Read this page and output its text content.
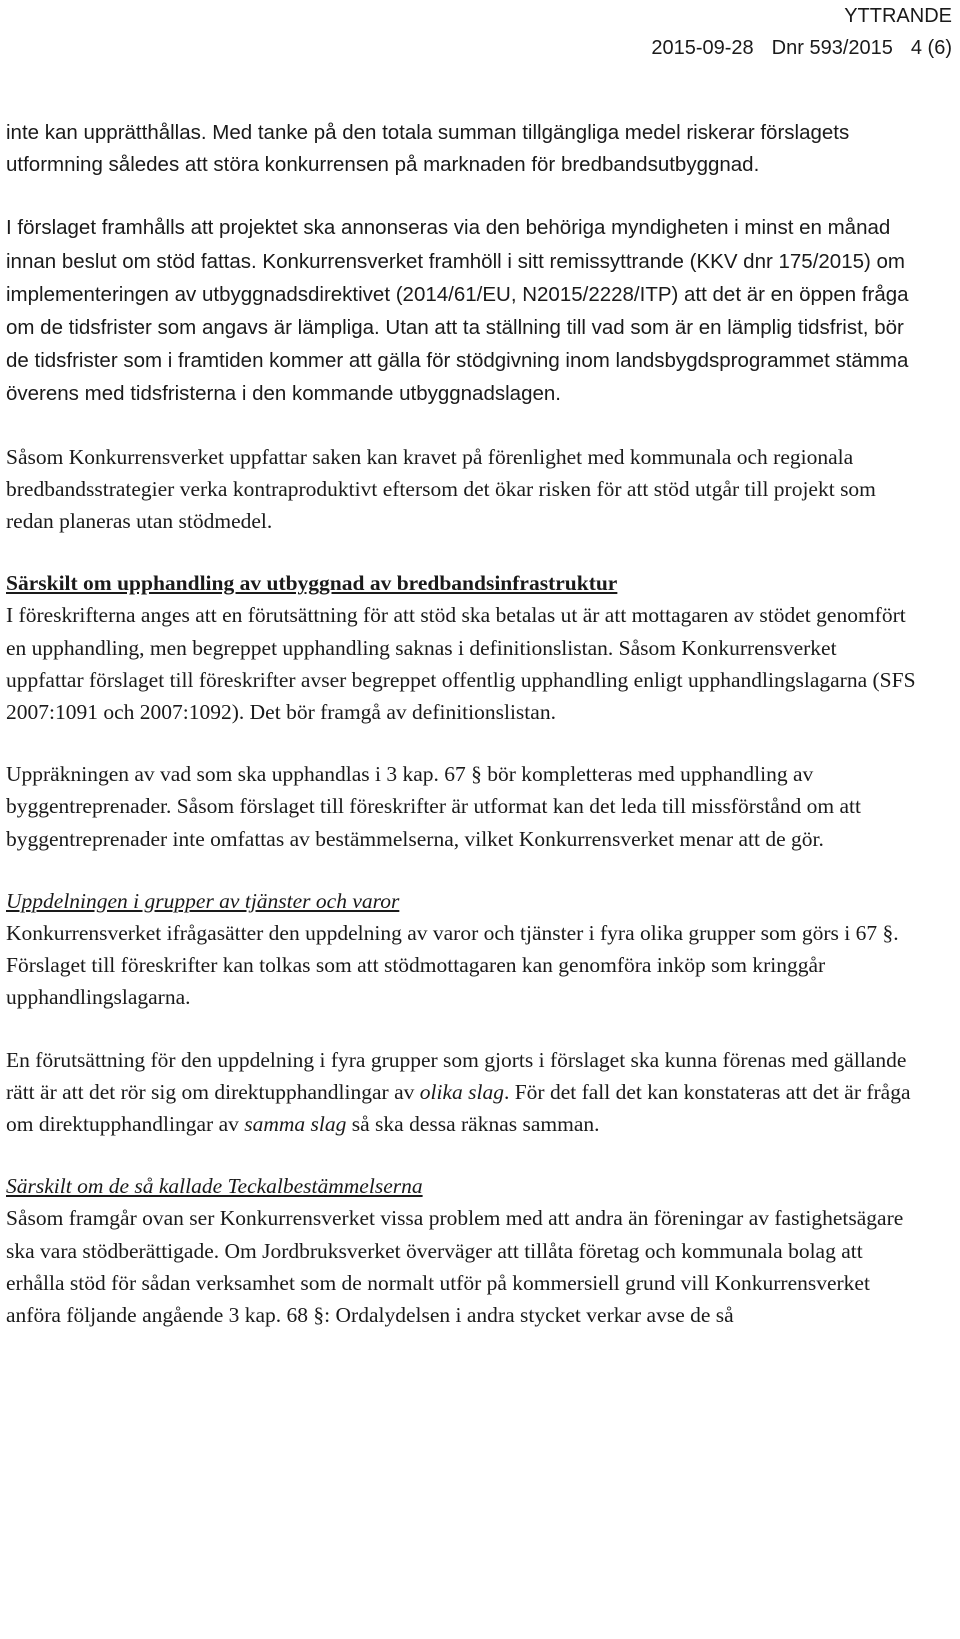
YTTRANDE
2015-09-28 Dnr 593/2015 4 (6)

inte kan upprätthållas. Med tanke på den totala summan tillgängliga medel riskerar förslagets utformning således att störa konkurrensen på marknaden för bredbandsutbyggnad.

I förslaget framhålls att projektet ska annonseras via den behöriga myndigheten i minst en månad innan beslut om stöd fattas. Konkurrensverket framhöll i sitt remissyttrande (KKV dnr 175/2015) om implementeringen av utbyggnadsdirektivet (2014/61/EU, N2015/2228/ITP) att det är en öppen fråga om de tidsfrister som angavs är lämpliga. Utan att ta ställning till vad som är en lämplig tidsfrist, bör de tidsfrister som i framtiden kommer att gälla för stödgivning inom landsbygdsprogrammet stämma överens med tidsfristerna i den kommande utbyggnadslagen.

Såsom Konkurrensverket uppfattar saken kan kravet på förenlighet med kommunala och regionala bredbandsstrategier verka kontraproduktivt eftersom det ökar risken för att stöd utgår till projekt som redan planeras utan stödmedel.

Särskilt om upphandling av utbyggnad av bredbandsinfrastruktur

I föreskrifterna anges att en förutsättning för att stöd ska betalas ut är att mottagaren av stödet genomfört en upphandling, men begreppet upphandling saknas i definitionslistan. Såsom Konkurrensverket uppfattar förslaget till föreskrifter avser begreppet offentlig upphandling enligt upphandlingslagarna (SFS 2007:1091 och 2007:1092). Det bör framgå av definitionslistan.

Uppräkningen av vad som ska upphandlas i 3 kap. 67 § bör kompletteras med upphandling av byggentreprenader. Såsom förslaget till föreskrifter är utformat kan det leda till missförstånd om att byggentreprenader inte omfattas av bestämmelserna, vilket Konkurrensverket menar att de gör.

Uppdelningen i grupper av tjänster och varor

Konkurrensverket ifrågasätter den uppdelning av varor och tjänster i fyra olika grupper som görs i 67 §. Förslaget till föreskrifter kan tolkas som att stödmottagaren kan genomföra inköp som kringgår upphandlingslagarna.

En förutsättning för den uppdelning i fyra grupper som gjorts i förslaget ska kunna förenas med gällande rätt är att det rör sig om direktupphandlingar av olika slag. För det fall det kan konstateras att det är fråga om direktupphandlingar av samma slag så ska dessa räknas samman.

Särskilt om de så kallade Teckalbestämmelserna

Såsom framgår ovan ser Konkurrensverket vissa problem med att andra än föreningar av fastighetsägare ska vara stödberättigade. Om Jordbruksverket överväger att tillåta företag och kommunala bolag att erhålla stöd för sådan verksamhet som de normalt utför på kommersiell grund vill Konkurrensverket anföra följande angående 3 kap. 68 §: Ordalydelsen i andra stycket verkar avse de så
